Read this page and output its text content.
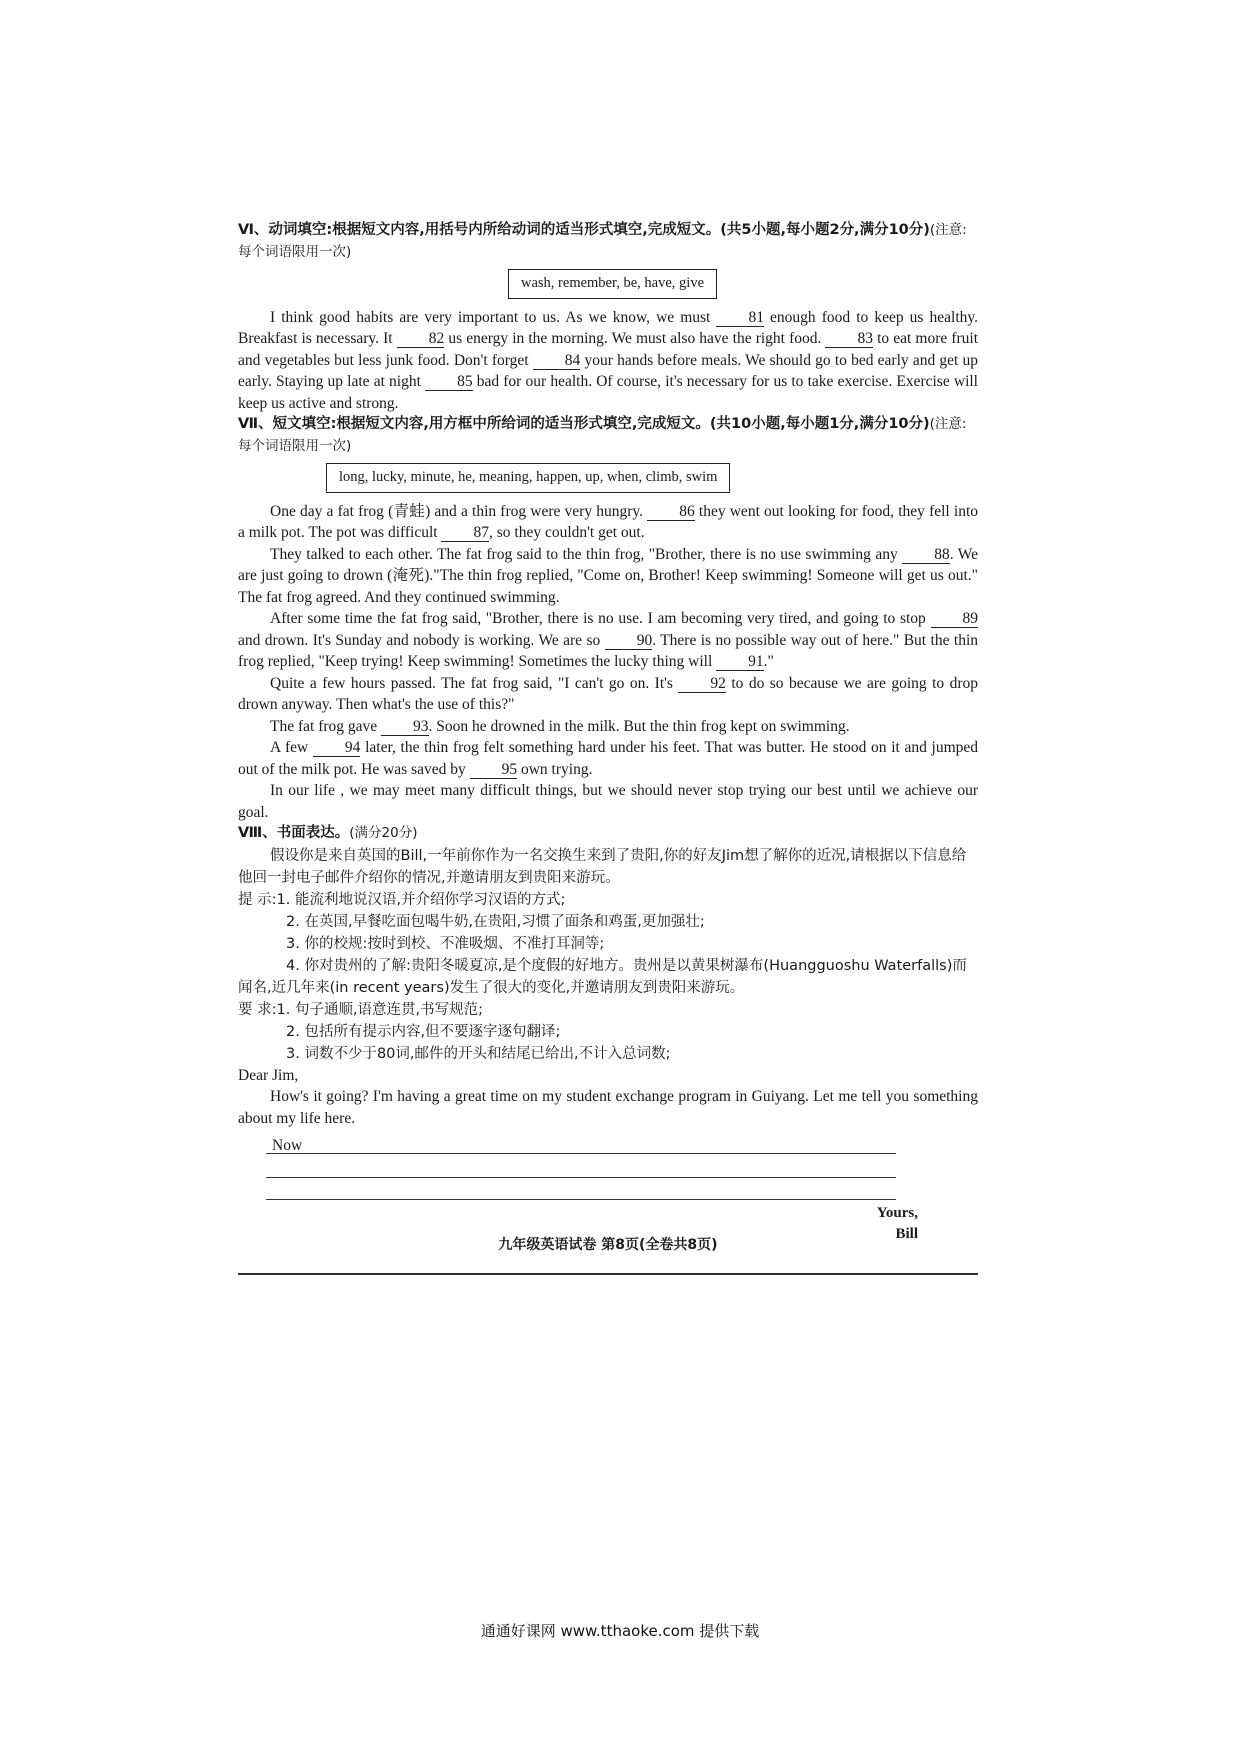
Ⅵ、动词填空:根据短文内容,用括号内所给动词的适当形式填空,完成短文。(共5小题,每小题2分,满分10分)(注意:每个词语限用一次)
wash, remember, be, have, give

I think good habits are very important to us. As we know, we must 81 enough food to keep us healthy. Breakfast is necessary. It 82 us energy in the morning. We must also have the right food. 83 to eat more fruit and vegetables but less junk food. Don't forget 84 your hands before meals. We should go to bed early and get up early. Staying up late at night 85 bad for our health. Of course, it's necessary for us to take exercise. Exercise will keep us active and strong.

Ⅶ、短文填空:根据短文内容,用方框中所给词的适当形式填空,完成短文。(共10小题,每小题1分,满分10分)(注意:每个词语限用一次)
long, lucky, minute, he, meaning, happen, up, when, climb, swim

One day a fat frog (青蛙) and a thin frog were very hungry. 86 they went out looking for food, they fell into a milk pot. The pot was difficult 87, so they couldn't get out.

They talked to each other. The fat frog said to the thin frog, "Brother, there is no use swimming any 88. We are just going to drown (淹死)."The thin frog replied, "Come on, Brother! Keep swimming! Someone will get us out." The fat frog agreed. And they continued swimming.

After some time the fat frog said, "Brother, there is no use. I am becoming very tired, and going to stop 89 and drown. It's Sunday and nobody is working. We are so 90. There is no possible way out of here." But the thin frog replied, "Keep trying! Keep swimming! Sometimes the lucky thing will 91."

Quite a few hours passed. The fat frog said, "I can't go on. It's 92 to do so because we are going to drop drown anyway. Then what's the use of this?"

The fat frog gave 93. Soon he drowned in the milk. But the thin frog kept on swimming.

A few 94 later, the thin frog felt something hard under his feet. That was butter. He stood on it and jumped out of the milk pot. He was saved by 95 own trying.

In our life , we may meet many difficult things, but we should never stop trying our best until we achieve our goal.

Ⅷ、书面表达。(满分20分)
假设你是来自英国的Bill,一年前你作为一名交换生来到了贵阳,你的好友Jim想了解你的近况,请根据以下信息给他回一封电子邮件介绍你的情况,并邀请朋友到贵阳来游玩。
提 示:1. 能流利地说汉语,并介绍你学习汉语的方式;
2. 在英国,早餐吃面包喝牛奶,在贵阳,习惯了面条和鸡蛋,更加强壮;
3. 你的校规:按时到校、不准吸烟、不准打耳洞等;
4. 你对贵州的了解:贵阳冬暖夏凉,是个度假的好地方。贵州是以黄果树瀑布(Huangguoshu Waterfalls)而闻名,近几年来(in recent years)发生了很大的变化,并邀请朋友到贵阳来游玩。
要 求:1. 句子通顺,语意连贯,书写规范;
2. 包括所有提示内容,但不要逐字逐句翻译;
3. 词数不少于80词,邮件的开头和结尾已给出,不计入总词数;

Dear Jim,

How's it going? I'm having a great time on my student exchange program in Guiyang. Let me tell you something about my life here.

Now
Yours,
Bill
九年级英语试卷 第8页(全卷共8页)
通通好课网 www.tthaoke.com 提供下载
